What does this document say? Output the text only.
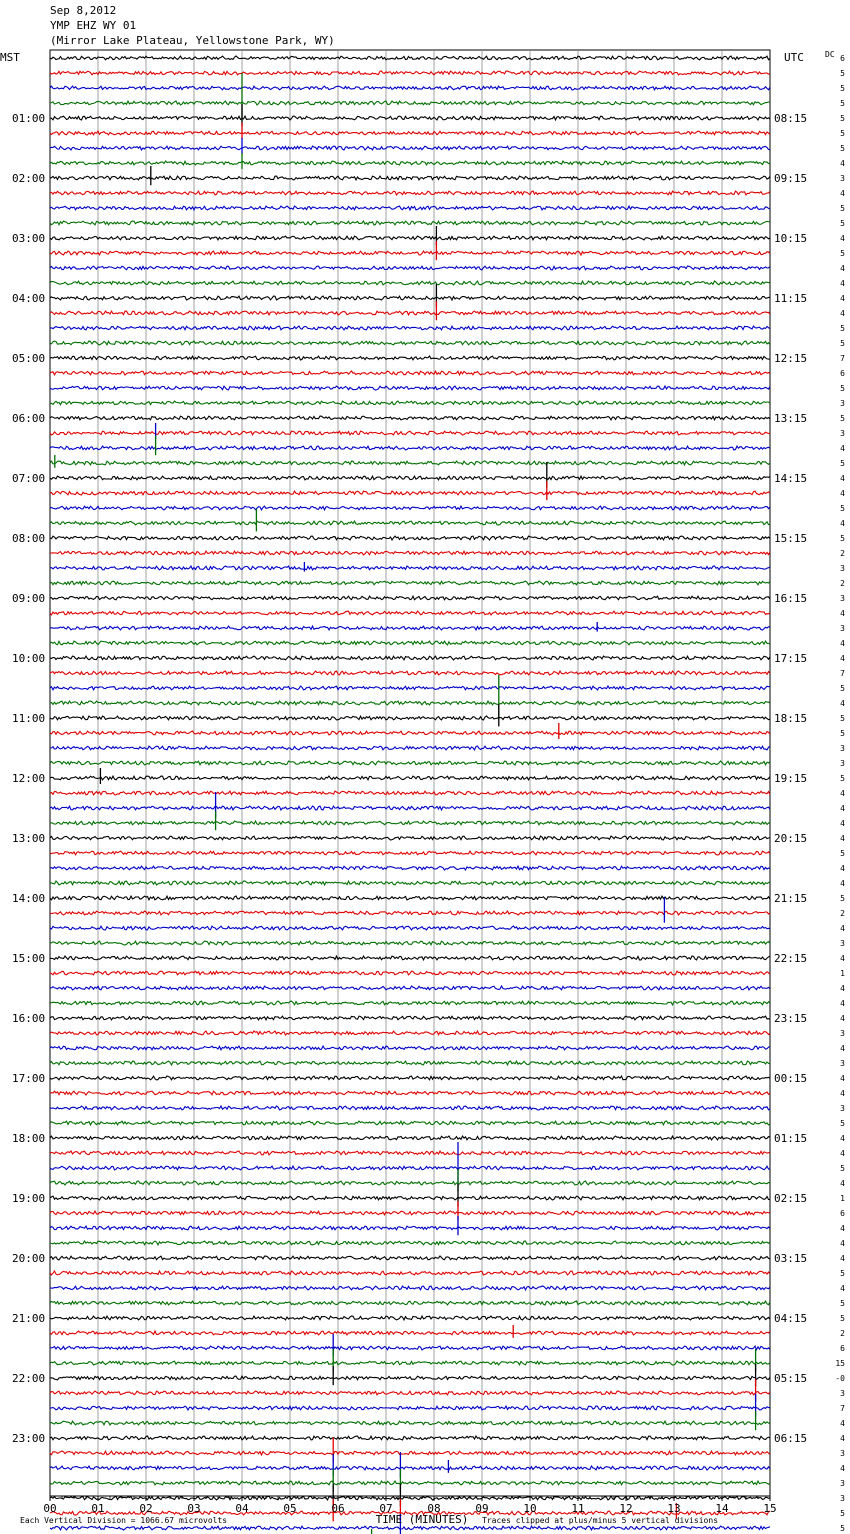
Sep 8,2012
YMP EHZ WY 01
(Mirror Lake Plateau, Yellowstone Park, WY)
MST	UTC	DC
01:00
02:00
03:00
04:00
05:00
06:00
07:00
08:00
09:00
10:00
11:00
12:00
13:00
14:00
15:00
16:00
17:00
18:00
19:00
20:00
21:00
22:00
23:00
08:15
09:15
10:15
11:15
12:15
13:15
14:15
15:15
16:15
17:15
18:15
19:15
20:15
21:15
22:15
23:15
00:15
01:15
02:15
03:15
04:15
05:15
06:15
6
5
5
5
5
5
5
4
3
4
5
5
4
5
4
4
4
4
5
5
7
6
5
3
5
3
4
5
4
4
5
4
5
2
3
2
3
4
3
4
4
7
5
4
5
5
3
3
5
4
4
4
4
5
4
4
5
2
4
3
4
1
4
4
4
3
4
3
4
4
3
5
4
4
5
4
1
6
4
4
4
5
4
5
5
2
6
15
-0
3
7
4
4
3
4
3
3
5
5
00	01	02	03	04	05	06	07	08	09	10	11	12	13	14	15
TIME (MINUTES)
Each Vertical Division = 1066.67 microvolts	Traces clipped at plus/minus 5 vertical divisions
